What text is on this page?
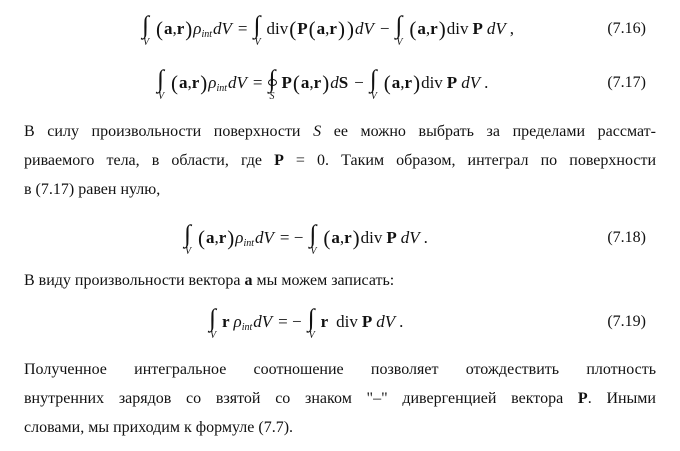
∫
V
( a , r ) ρ int dV = ∫
V
div ( P ( a , r ) ) dV − ∫
V
( a , r ) div P dV ,	(7.16)
∫
V
( a , r ) ρ int dV = ∫
S
P ( a , r ) d S − ∫
V
( a , r ) div P dV .	(7.17)
В силу произвольности поверхности S ее можно выбрать за пределами рассмат-
риваемого тела, в области, где P = 0. Таким образом, интеграл по поверхности
в (7.17) равен нулю,
∫
V
( a , r ) ρ int dV = − ∫
V
( a , r ) div P dV .	(7.18)
В виду произвольности вектора a мы можем записать:
∫
V
r ρ int dV = − ∫
V
r div P dV .	(7.19)
Полученное интегральное соотношение позволяет отождествить плотность
внутренних зарядов со взятой со знаком "–" дивергенцией вектора P. Иными
словами, мы приходим к формуле (7.7).
